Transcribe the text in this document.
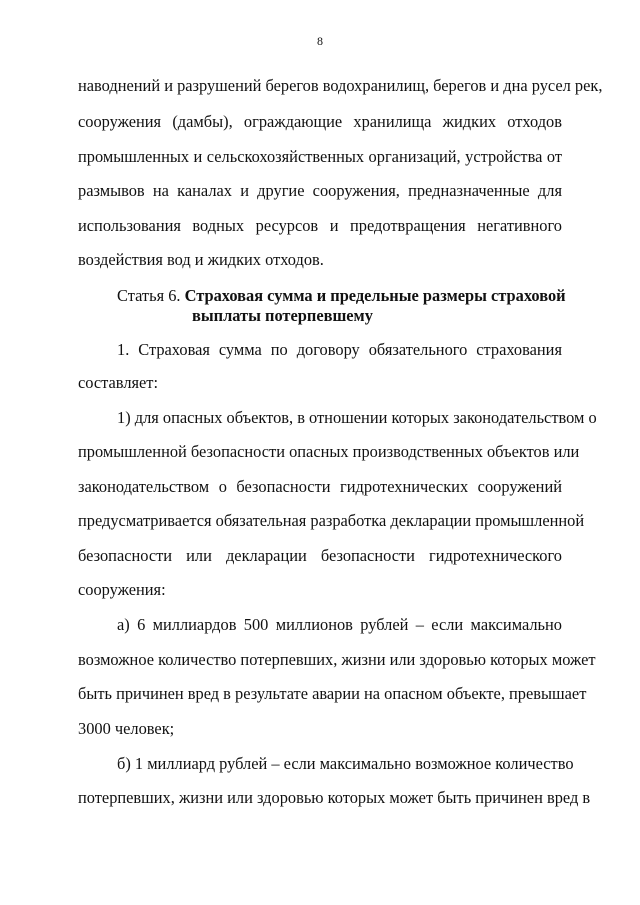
8
наводнений и разрушений берегов водохранилищ, берегов и дна русел рек,
сооружения (дамбы), ограждающие хранилища жидких отходов
промышленных и сельскохозяйственных организаций, устройства от
размывов на каналах и другие сооружения, предназначенные для
использования водных ресурсов и предотвращения негативного
воздействия вод и жидких отходов.
Статья 6. Страховая сумма и предельные размеры страховой
выплаты потерпевшему
1. Страховая сумма по договору обязательного страхования
составляет:
1) для опасных объектов, в отношении которых законодательством о
промышленной безопасности опасных производственных объектов или
законодательством о безопасности гидротехнических сооружений
предусматривается обязательная разработка декларации промышленной
безопасности или декларации безопасности гидротехнического
сооружения:
а) 6 миллиардов 500 миллионов рублей – если максимально
возможное количество потерпевших, жизни или здоровью которых может
быть причинен вред в результате аварии на опасном объекте, превышает
3000 человек;
б) 1 миллиард рублей – если максимально возможное количество
потерпевших, жизни или здоровью которых может быть причинен вред в
